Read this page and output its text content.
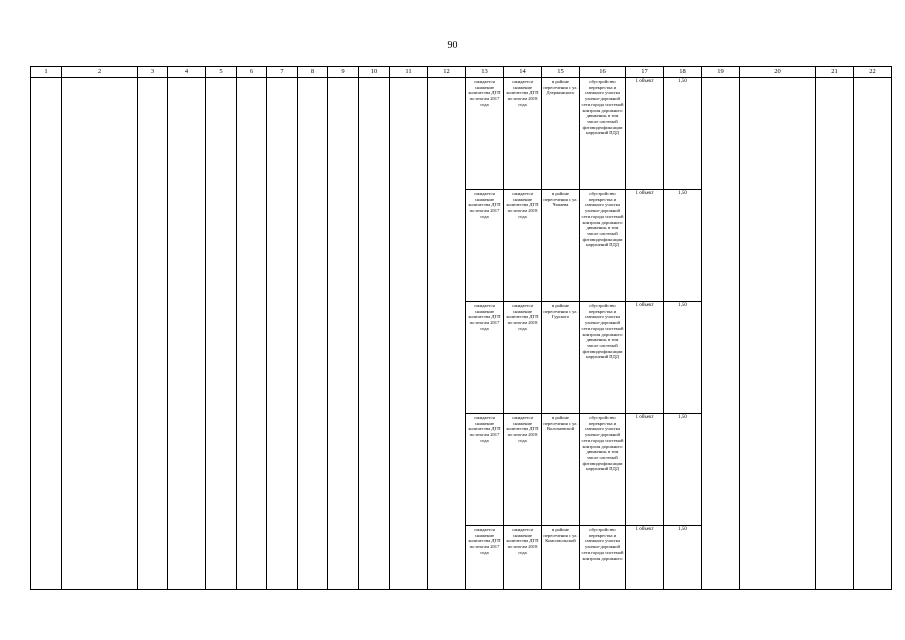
90
1	2	3	4	5	6	7	8	9	10	11	12	13	14	15	16	17	18	19	20	21	22
												ожидается снижение количества ДТП по итогам 2017 года	ожидается снижение количества ДТП по итогам 2018 года	в районе пересечения с ул. Дзержинского	обустройство перекрестка и смежного участка улично-дорожной сети города системой контроля дорожного движения, в том числе системой фотовидеофиксации нарушений ПДД	1 объект	1,50				
												ожидается снижение количества ДТП по итогам 2017 года	ожидается снижение количества ДТП по итогам 2018 года	в районе пересечения с ул. Чапаева	обустройство перекрестка и смежного участка улично-дорожной сети города системой контроля дорожного движения, в том числе системой фотовидеофиксации нарушений ПДД	1 объект	1,50				
												ожидается снижение количества ДТП по итогам 2017 года	ожидается снижение количества ДТП по итогам 2018 года	в районе пересечения с ул. Гурского	обустройство перекрестка и смежного участка улично-дорожной сети города системой контроля дорожного движения, в том числе системой фотовидеофиксации нарушений ПДД	1 объект	1,50				
												ожидается снижение количества ДТП по итогам 2017 года	ожидается снижение количества ДТП по итогам 2018 года	в районе пересечения с ул. Волочаевской	обустройство перекрестка и смежного участка улично-дорожной сети города системой контроля дорожного движения, в том числе системой фотовидеофиксации нарушений ПДД	1 объект	1,50				
												ожидается снижение количества ДТП по итогам 2017 года	ожидается снижение количества ДТП по итогам 2018 года	в районе пересечения с ул. Комсомольской	обустройство перекрестка и смежного участка улично-дорожной сети города системой контроля дорожного	1 объект	1,50				
